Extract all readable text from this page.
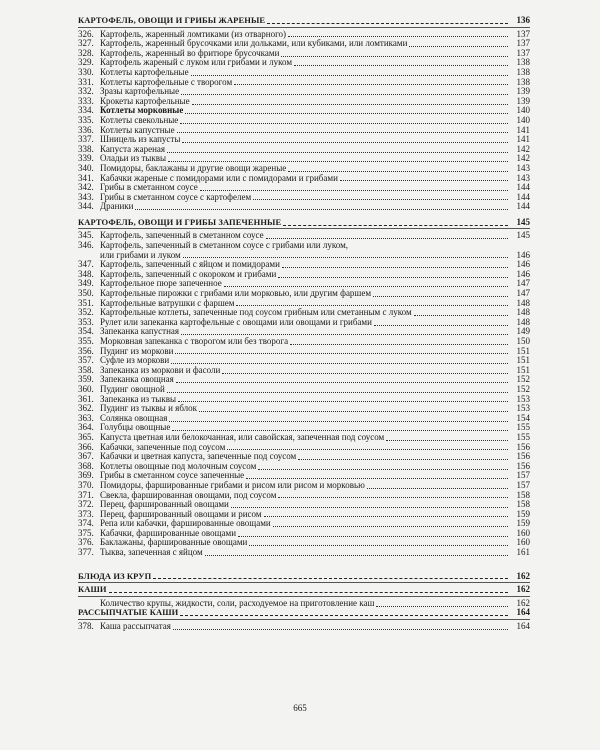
КАРТОФЕЛЬ, ОВОЩИ И ГРИБЫ ЖАРЕНЫЕ	136
326. Картофель, жаренный ломтиками (из отварного)	137
327. Картофель, жаренный брусочками или дольками, или кубиками, или ломтиками	137
328. Картофель, жаренный во фритюре брусочками	137
329. Картофель жареный с луком или грибами и луком	138
330. Котлеты картофельные	138
331. Котлеты картофельные с творогом	138
332. Зразы картофельные	139
333. Крокеты картофельные	139
334. Котлеты морковные	140
335. Котлеты свекольные	140
336. Котлеты капустные	141
337. Шницель из капусты	141
338. Капуста жареная	142
339. Оладьи из тыквы	142
340. Помидоры, баклажаны и другие овощи жареные	143
341. Кабачки жареные с помидорами или с помидорами и грибами	143
342. Грибы в сметанном соусе	144
343. Грибы в сметанном соусе с картофелем	144
344. Драники	144
КАРТОФЕЛЬ, ОВОЩИ И ГРИБЫ ЗАПЕЧЕННЫЕ	145
345. Картофель, запеченный в сметанном соусе	145
346. Картофель, запеченный в сметанном соусе с грибами или луком,
или грибами и луком	146
347. Картофель, запеченный с яйцом и помидорами	146
348. Картофель, запеченный с окороком и грибами	146
349. Картофельное пюре запеченное	147
350. Картофельные пирожки с грибами или морковью, или другим фаршем	147
351. Картофельные ватрушки с фаршем	148
352. Картофельные котлеты, запеченные под соусом грибным или сметанным с луком	148
353. Рулет или запеканка картофельные с овощами или овощами и грибами	148
354. Запеканка капустная	149
355. Морковная запеканка с творогом или без творога	150
356. Пудинг из моркови	151
357. Суфле из моркови	151
358. Запеканка из моркови и фасоли	151
359. Запеканка овощная	152
360. Пудинг овощной	152
361. Запеканка из тыквы	153
362. Пудинг из тыквы и яблок	153
363. Солянка овощная	154
364. Голубцы овощные	155
365. Капуста цветная или белокочанная, или савойская, запеченная под соусом	155
366. Кабачки, запеченные под соусом	156
367. Кабачки и цветная капуста, запеченные под соусом	156
368. Котлеты овощные под молочным соусом	156
369. Грибы в сметанном соусе запеченные	157
370. Помидоры, фаршированные грибами и рисом или рисом и морковью	157
371. Свекла, фаршированная овощами, под соусом	158
372. Перец, фаршированный овощами	158
373. Перец, фаршированный овощами и рисом	159
374. Репа или кабачки, фаршированные овощами	159
375. Кабачки, фаршированные овощами	160
376. Баклажаны, фаршированные овощами	160
377. Тыква, запеченная с яйцом	161
БЛЮДА ИЗ КРУП	162
КАШИ	162
Количество крупы, жидкости, соли, расходуемое на приготовление каш	162
РАССЫПЧАТЫЕ КАШИ	164
378. Каша рассыпчатая	164
665
